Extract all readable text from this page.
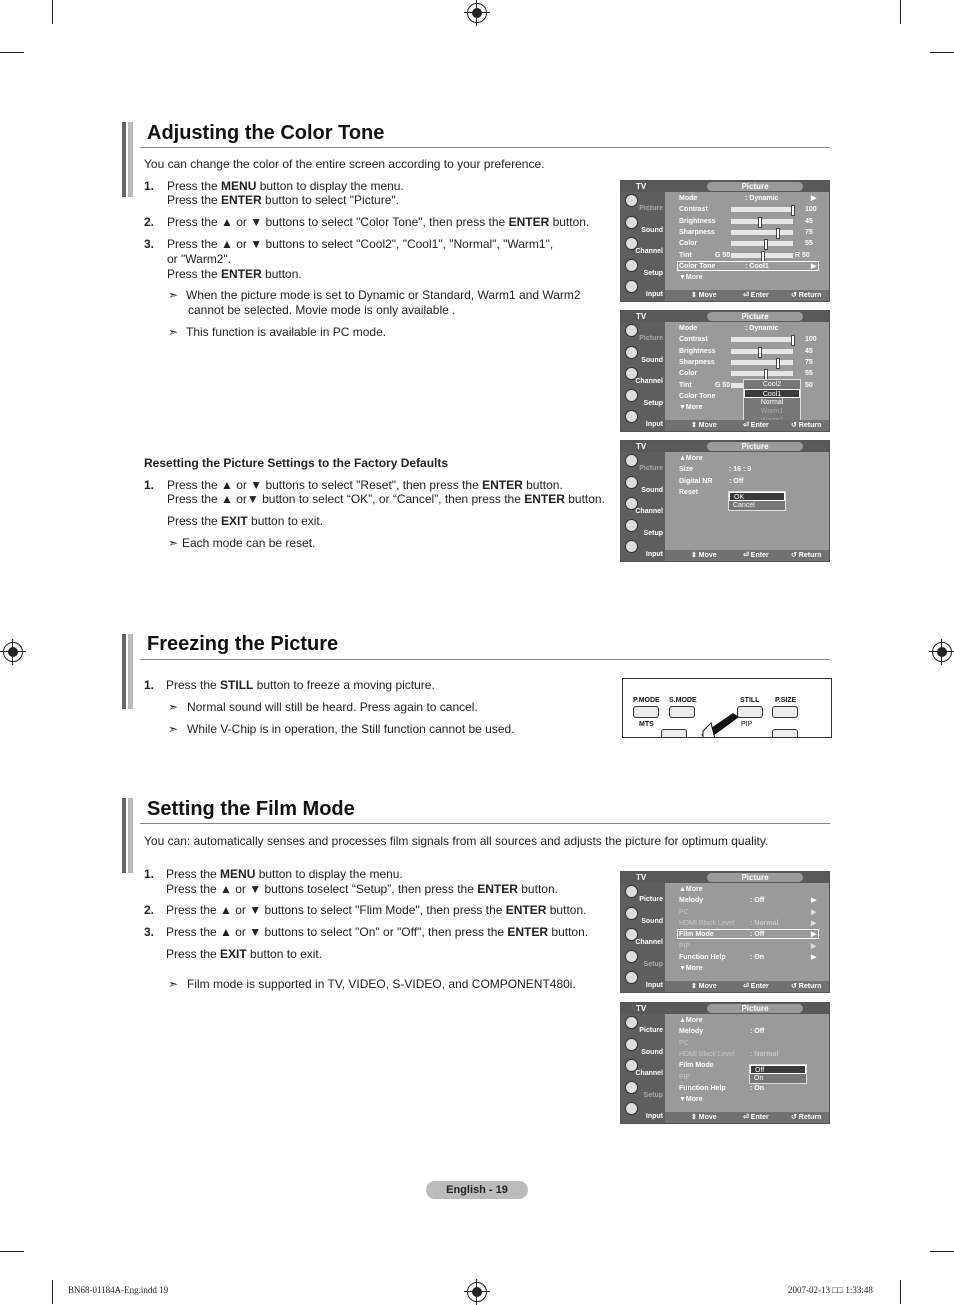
Adjusting the Color Tone
You can change the color of the entire screen according to your preference.
1. Press the MENU button to display the menu.
Press the ENTER button to select "Picture".
2. Press the ▲ or ▼ buttons to select "Color Tone", then press the ENTER button.
3. Press the ▲ or ▼ buttons to select "Cool2", "Cool1", "Normal", "Warm1",
or "Warm2".
Press the ENTER button.
➣ When the picture mode is set to Dynamic or Standard, Warm1 and Warm2
cannot be selected. Movie mode is only available .
➣ This function is available in PC mode.
Resetting the Picture Settings to the Factory Defaults
1. Press the ▲ or ▼ buttons to select "Reset", then press the ENTER button.
Press the ▲ or▼ button to select “OK”, or “Cancel”, then press the ENTER button.
Press the EXIT button to exit.
➣ Each mode can be reset.
TV	Picture
Picture
Sound
Channel
Setup
Input
Mode	: Dynamic	▶
Contrast	100
Brightness	45
Sharpness	75
Color	55
Tint	G 50	R 50
Color Tone	: Cool1	▶
▼More
⇕ Move	⏎ Enter	↺ Return
TV	Picture
Picture
Sound
Channel
Setup
Input
Mode	: Dynamic
Contrast	100
Brightness	45
Sharpness	75
Color	55
Tint	50
G 50
Color Tone
▼More
Cool2
Cool1
Normal
Warm1
⇕ Move	⏎ Enter	↺ Return
TV	Picture
Picture
Sound
Channel
Setup
Input
▲More
Size	: 16 : 9
Digital NR : Off
Reset
OK
Cancel
⇕ Move	⏎ Enter	↺ Return
TV	Picture
Picture
Sound
Channel
Setup
Input
▲More
Melody	: Off	▶
PC	▶
HDMI Black Level : Normal	▶
Film Mode	: Off	▶
PIP	▶
Function Help	: On	▶
▼More
⇕ Move	⏎ Enter	↺ Return
TV	Picture
Picture
Sound
Channel
Setup
Input
▲More
Melody	: Off
PC
HDMI Black Level : Normal
Film Mode
PIP
Function Help	: On
▼More
Off
On
⇕ Move	⏎ Enter	↺ Return
Freezing the Picture
1. Press the STILL button to freeze a moving picture.
➣ Normal sound will still be heard. Press again to cancel.
➣ While V-Chip is in operation, the Still function cannot be used.
P.MODE S.MODE	STILL P.SIZE
MTS	PIP
Setting the Film Mode
You can: automatically senses and processes film signals from all sources and adjusts the picture for optimum quality.
1. Press the MENU button to display the menu.
Press the ▲ or ▼ buttons toselect “Setup”, then press the ENTER button.
2. Press the ▲ or ▼ buttons to select "Flim Mode", then press the ENTER button.
3. Press the ▲ or ▼ buttons to select "On" or "Off", then press the ENTER button.
Press the EXIT button to exit.
➣ Film mode is supported in TV, VIDEO, S-VIDEO, and COMPONENT480i.
English - 19
BN68-01184A-Eng.indd 19	2007-02-13 □□ 1:33:48
